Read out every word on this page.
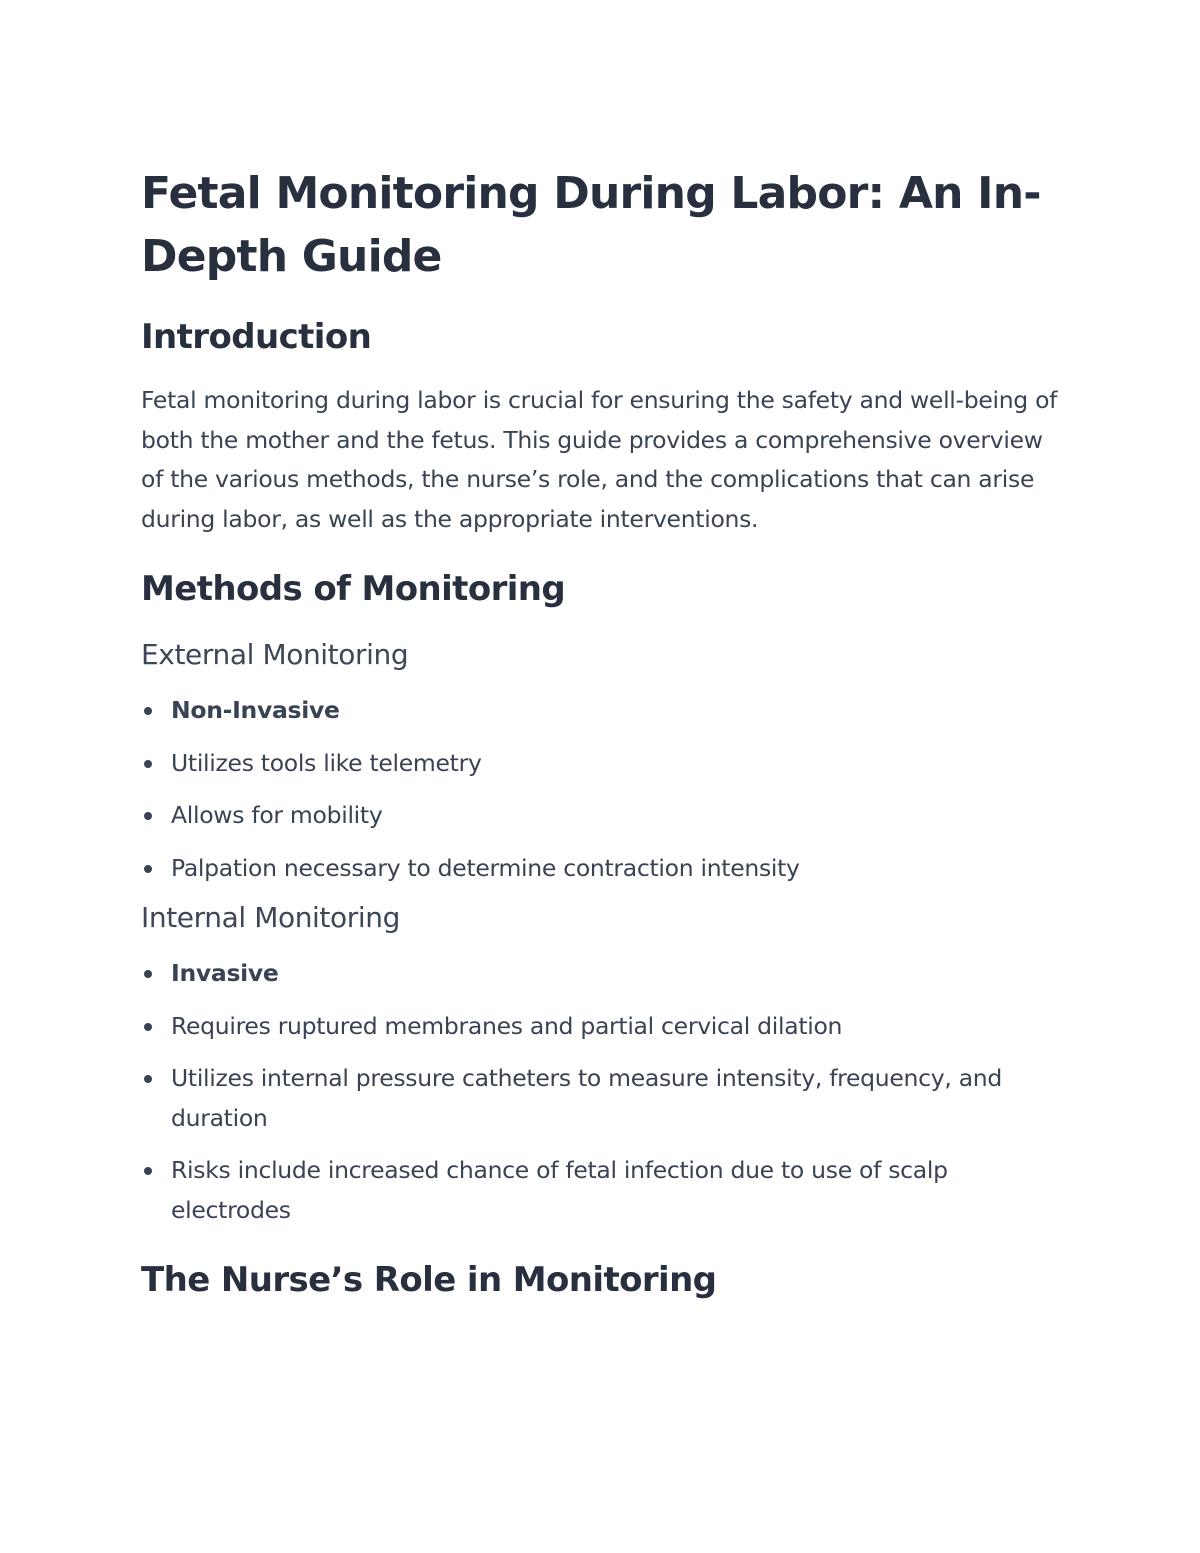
Fetal Monitoring During Labor: An In-Depth Guide
Introduction

Fetal monitoring during labor is crucial for ensuring the safety and well-being of both the mother and the fetus. This guide provides a comprehensive overview of the various methods, the nurse’s role, and the complications that can arise during labor, as well as the appropriate interventions.

Methods of Monitoring
External Monitoring
Non-Invasive
Utilizes tools like telemetry
Allows for mobility
Palpation necessary to determine contraction intensity
Internal Monitoring
Invasive
Requires ruptured membranes and partial cervical dilation
Utilizes internal pressure catheters to measure intensity, frequency, and duration
Risks include increased chance of fetal infection due to use of scalp electrodes
The Nurse’s Role in Monitoring
